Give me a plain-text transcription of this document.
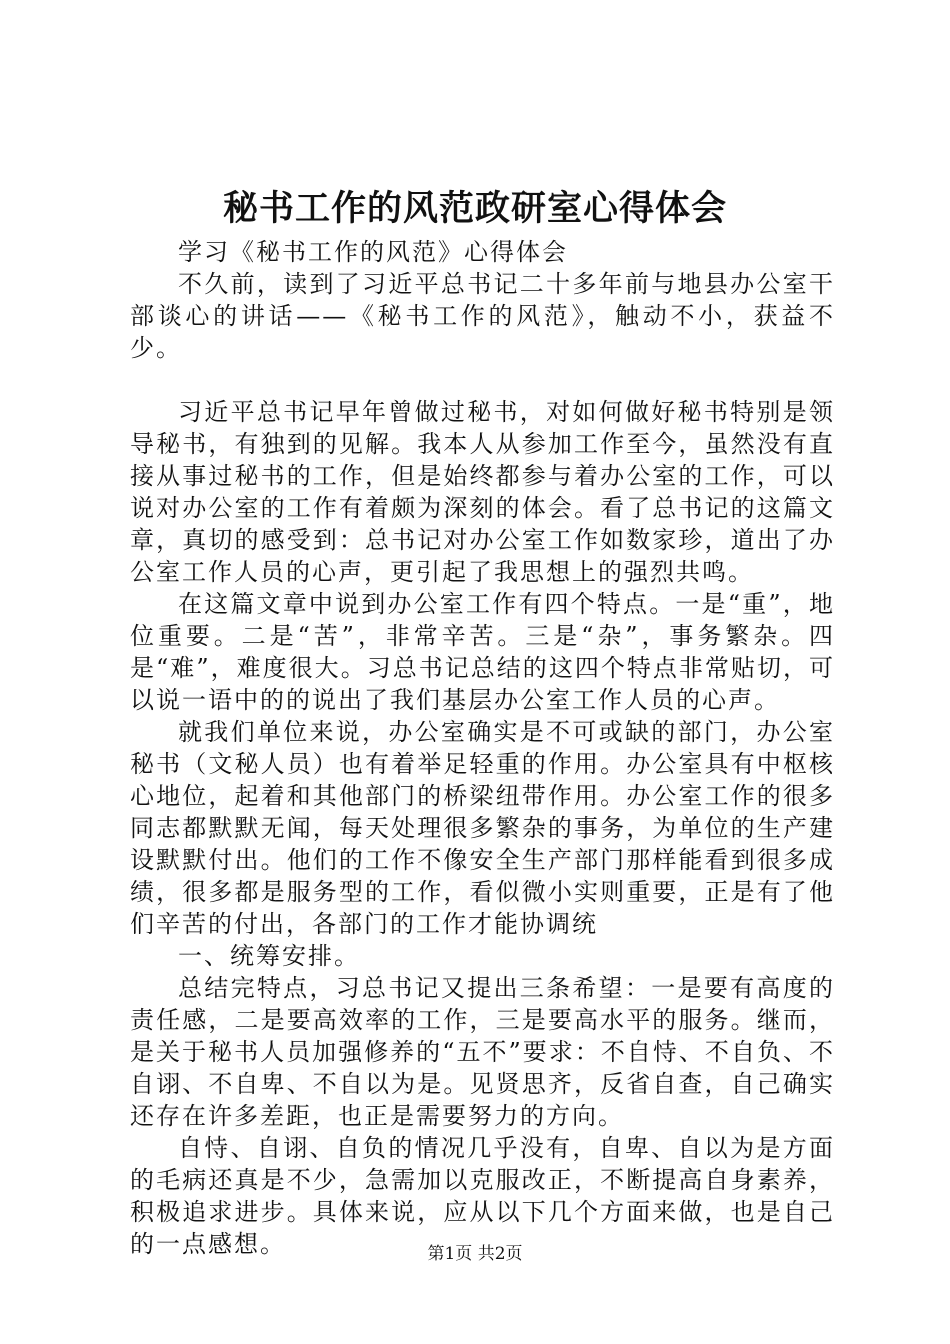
秘书工作的风范政研室心得体会

学习《秘书工作的风范》心得体会

不久前，读到了习近平总书记二十多年前与地县办公室干部谈心的讲话——《秘书工作的风范》，触动不小，获益不少。

习近平总书记早年曾做过秘书，对如何做好秘书特别是领导秘书，有独到的见解。我本人从参加工作至今，虽然没有直接从事过秘书的工作，但是始终都参与着办公室的工作，可以说对办公室的工作有着颇为深刻的体会。看了总书记的这篇文章，真切的感受到：总书记对办公室工作如数家珍，道出了办公室工作人员的心声，更引起了我思想上的强烈共鸣。

在这篇文章中说到办公室工作有四个特点。一是“重”，地位重要。二是“苦”，非常辛苦。三是“杂”，事务繁杂。四是“难”，难度很大。习总书记总结的这四个特点非常贴切，可以说一语中的的说出了我们基层办公室工作人员的心声。

就我们单位来说，办公室确实是不可或缺的部门，办公室秘书（文秘人员）也有着举足轻重的作用。办公室具有中枢核心地位，起着和其他部门的桥梁纽带作用。办公室工作的很多同志都默默无闻，每天处理很多繁杂的事务，为单位的生产建设默默付出。他们的工作不像安全生产部门那样能看到很多成绩，很多都是服务型的工作，看似微小实则重要，正是有了他们辛苦的付出，各部门的工作才能协调统

一、统筹安排。

总结完特点，习总书记又提出三条希望：一是要有高度的责任感，二是要高效率的工作，三是要高水平的服务。继而，是关于秘书人员加强修养的“五不”要求：不自恃、不自负、不自诩、不自卑、不自以为是。见贤思齐，反省自查，自己确实还存在许多差距，也正是需要努力的方向。

自恃、自诩、自负的情况几乎没有，自卑、自以为是方面的毛病还真是不少，急需加以克服改正，不断提高自身素养，积极追求进步。具体来说，应从以下几个方面来做，也是自己的一点感想。	第1页 共2页
